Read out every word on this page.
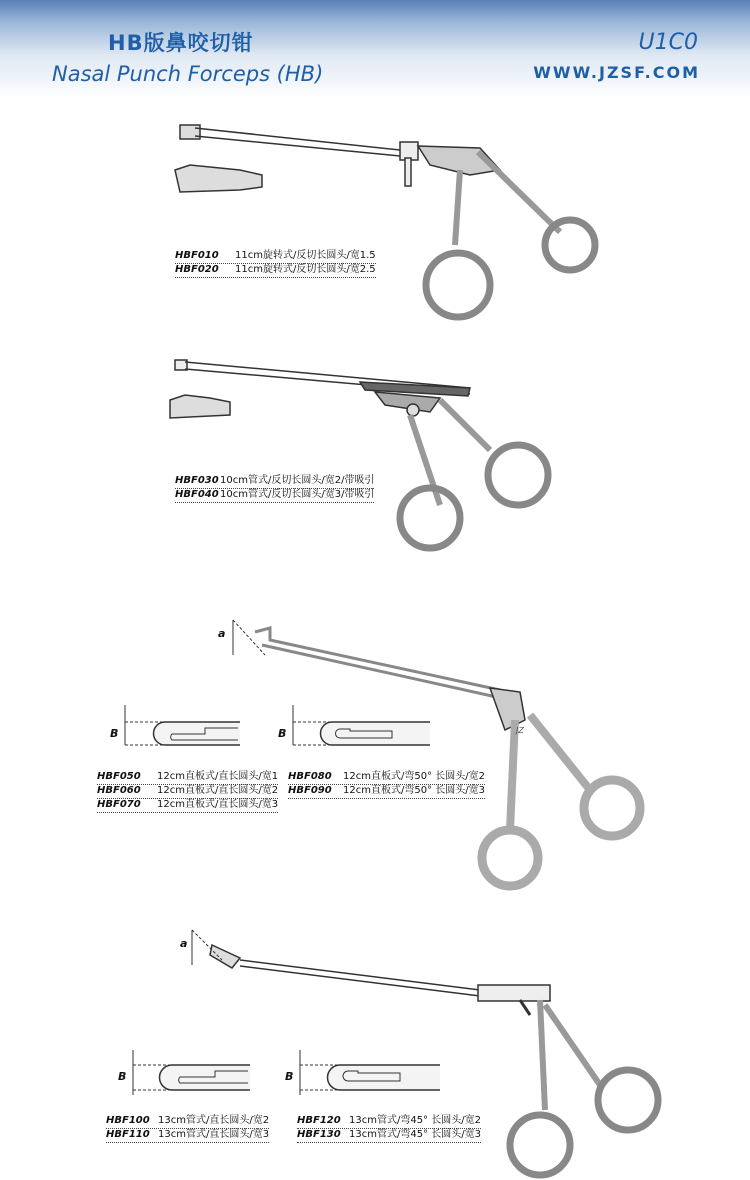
HB版鼻咬切钳
Nasal Punch Forceps (HB)
U1C0
WWW.JZSF.COM
a
B	B
a
B	B
JZ
HBF010 11cm旋转式/反切长圆头/宽1.5
HBF020 11cm旋转式/反切长圆头/宽2.5
HBF03010cm管式/反切长圆头/宽2/带吸引
HBF04010cm管式/反切长圆头/宽3/带吸引
HBF050 12cm直板式/直长圆头/宽1
HBF060 12cm直板式/直长圆头/宽2
HBF070 12cm直板式/直长圆头/宽3
HBF080 12cm直板式/弯50° 长圆头/宽2
HBF090 12cm直板式/弯50° 长圆头/宽3
HBF100 13cm管式/直长圆头/宽2
HBF110 13cm管式/直长圆头/宽3
HBF120 13cm管式/弯45° 长圆头/宽2
HBF130 13cm管式/弯45° 长圆头/宽3
